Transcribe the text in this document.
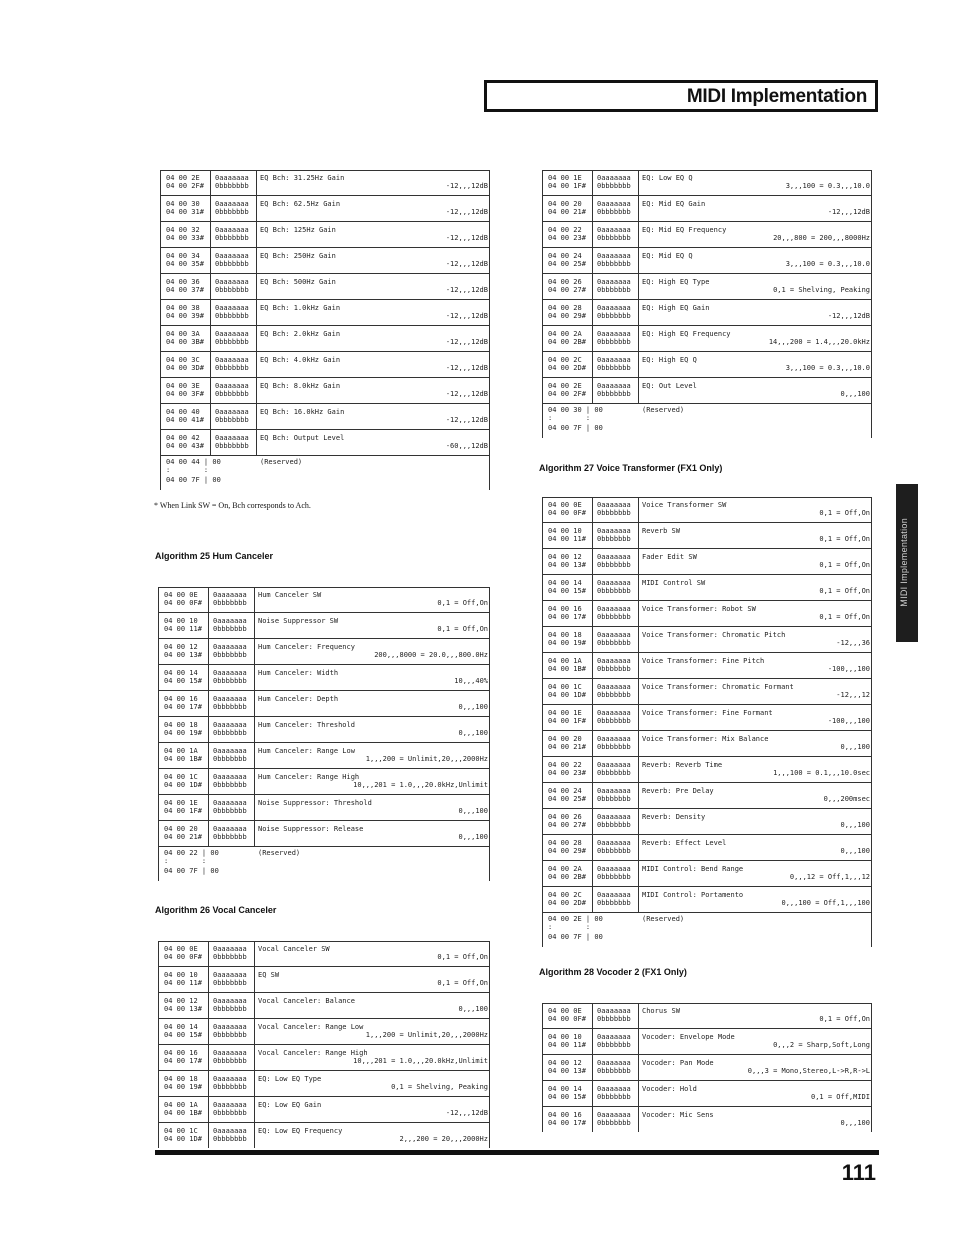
MIDI Implementation
MIDI Implementation
04 00 2E
04 00 2F#
0aaaaaaa
0bbbbbbb
EQ Bch: 31.25Hz Gain
-12,,,12dB
04 00 30
04 00 31#
0aaaaaaa
0bbbbbbb
EQ Bch: 62.5Hz Gain
-12,,,12dB
04 00 32
04 00 33#
0aaaaaaa
0bbbbbbb
EQ Bch: 125Hz Gain
-12,,,12dB
04 00 34
04 00 35#
0aaaaaaa
0bbbbbbb
EQ Bch: 250Hz Gain
-12,,,12dB
04 00 36
04 00 37#
0aaaaaaa
0bbbbbbb
EQ Bch: 500Hz Gain
-12,,,12dB
04 00 38
04 00 39#
0aaaaaaa
0bbbbbbb
EQ Bch: 1.0kHz Gain
-12,,,12dB
04 00 3A
04 00 3B#
0aaaaaaa
0bbbbbbb
EQ Bch: 2.0kHz Gain
-12,,,12dB
04 00 3C
04 00 3D#
0aaaaaaa
0bbbbbbb
EQ Bch: 4.0kHz Gain
-12,,,12dB
04 00 3E
04 00 3F#
0aaaaaaa
0bbbbbbb
EQ Bch: 8.0kHz Gain
-12,,,12dB
04 00 40
04 00 41#
0aaaaaaa
0bbbbbbb
EQ Bch: 16.0kHz Gain
-12,,,12dB
04 00 42
04 00 43#
0aaaaaaa
0bbbbbbb
EQ Bch: Output Level
-60,,,12dB
04 00 44 | 00
:        :
04 00 7F | 00
(Reserved)
* When Link SW = On, Bch corresponds to Ach.
Algorithm 25 Hum Canceler
04 00 0E
04 00 0F#
0aaaaaaa
0bbbbbbb
Hum Canceler SW
0,1 = Off,On
04 00 10
04 00 11#
0aaaaaaa
0bbbbbbb
Noise Suppressor SW
0,1 = Off,On
04 00 12
04 00 13#
0aaaaaaa
0bbbbbbb
Hum Canceler: Frequency
200,,,8000 = 20.0,,,800.0Hz
04 00 14
04 00 15#
0aaaaaaa
0bbbbbbb
Hum Canceler: Width
10,,,40%
04 00 16
04 00 17#
0aaaaaaa
0bbbbbbb
Hum Canceler: Depth
0,,,100
04 00 18
04 00 19#
0aaaaaaa
0bbbbbbb
Hum Canceler: Threshold
0,,,100
04 00 1A
04 00 1B#
0aaaaaaa
0bbbbbbb
Hum Canceler: Range Low
1,,,200 = Unlimit,20,,,2000Hz
04 00 1C
04 00 1D#
0aaaaaaa
0bbbbbbb
Hum Canceler: Range High
10,,,201 = 1.0,,,20.0kHz,Unlimit
04 00 1E
04 00 1F#
0aaaaaaa
0bbbbbbb
Noise Suppressor: Threshold
0,,,100
04 00 20
04 00 21#
0aaaaaaa
0bbbbbbb
Noise Suppressor: Release
0,,,100
04 00 22 | 00
:        :
04 00 7F | 00
(Reserved)
Algorithm 26 Vocal Canceler
04 00 0E
04 00 0F#
0aaaaaaa
0bbbbbbb
Vocal Canceler SW
0,1 = Off,On
04 00 10
04 00 11#
0aaaaaaa
0bbbbbbb
EQ SW
0,1 = Off,On
04 00 12
04 00 13#
0aaaaaaa
0bbbbbbb
Vocal Canceler: Balance
0,,,100
04 00 14
04 00 15#
0aaaaaaa
0bbbbbbb
Vocal Canceler: Range Low
1,,,200 = Unlimit,20,,,2000Hz
04 00 16
04 00 17#
0aaaaaaa
0bbbbbbb
Vocal Canceler: Range High
10,,,201 = 1.0,,,20.0kHz,Unlimit
04 00 18
04 00 19#
0aaaaaaa
0bbbbbbb
EQ: Low EQ Type
0,1 = Shelving, Peaking
04 00 1A
04 00 1B#
0aaaaaaa
0bbbbbbb
EQ: Low EQ Gain
-12,,,12dB
04 00 1C
04 00 1D#
0aaaaaaa
0bbbbbbb
EQ: Low EQ Frequency
2,,,200 = 20,,,2000Hz
04 00 1E
04 00 1F#
0aaaaaaa
0bbbbbbb
EQ: Low EQ Q
3,,,100 = 0.3,,,10.0
04 00 20
04 00 21#
0aaaaaaa
0bbbbbbb
EQ: Mid EQ Gain
-12,,,12dB
04 00 22
04 00 23#
0aaaaaaa
0bbbbbbb
EQ: Mid EQ Frequency
20,,,800 = 200,,,8000Hz
04 00 24
04 00 25#
0aaaaaaa
0bbbbbbb
EQ: Mid EQ Q
3,,,100 = 0.3,,,10.0
04 00 26
04 00 27#
0aaaaaaa
0bbbbbbb
EQ: High EQ Type
0,1 = Shelving, Peaking
04 00 28
04 00 29#
0aaaaaaa
0bbbbbbb
EQ: High EQ Gain
-12,,,12dB
04 00 2A
04 00 2B#
0aaaaaaa
0bbbbbbb
EQ: High EQ Frequency
14,,,200 = 1.4,,,20.0kHz
04 00 2C
04 00 2D#
0aaaaaaa
0bbbbbbb
EQ: High EQ Q
3,,,100 = 0.3,,,10.0
04 00 2E
04 00 2F#
0aaaaaaa
0bbbbbbb
EQ: Out Level
0,,,100
04 00 30 | 00
:        :
04 00 7F | 00
(Reserved)
Algorithm 27 Voice Transformer (FX1 Only)
04 00 0E
04 00 0F#
0aaaaaaa
0bbbbbbb
Voice Transformer SW
0,1 = Off,On
04 00 10
04 00 11#
0aaaaaaa
0bbbbbbb
Reverb SW
0,1 = Off,On
04 00 12
04 00 13#
0aaaaaaa
0bbbbbbb
Fader Edit SW
0,1 = Off,On
04 00 14
04 00 15#
0aaaaaaa
0bbbbbbb
MIDI Control SW
0,1 = Off,On
04 00 16
04 00 17#
0aaaaaaa
0bbbbbbb
Voice Transformer: Robot SW
0,1 = Off,On
04 00 18
04 00 19#
0aaaaaaa
0bbbbbbb
Voice Transformer: Chromatic Pitch
-12,,,36
04 00 1A
04 00 1B#
0aaaaaaa
0bbbbbbb
Voice Transformer: Fine Pitch
-100,,,100
04 00 1C
04 00 1D#
0aaaaaaa
0bbbbbbb
Voice Transformer: Chromatic Formant
-12,,,12
04 00 1E
04 00 1F#
0aaaaaaa
0bbbbbbb
Voice Transformer: Fine Formant
-100,,,100
04 00 20
04 00 21#
0aaaaaaa
0bbbbbbb
Voice Transformer: Mix Balance
0,,,100
04 00 22
04 00 23#
0aaaaaaa
0bbbbbbb
Reverb: Reverb Time
1,,,100 = 0.1,,,10.0sec
04 00 24
04 00 25#
0aaaaaaa
0bbbbbbb
Reverb: Pre Delay
0,,,200msec
04 00 26
04 00 27#
0aaaaaaa
0bbbbbbb
Reverb: Density
0,,,100
04 00 28
04 00 29#
0aaaaaaa
0bbbbbbb
Reverb: Effect Level
0,,,100
04 00 2A
04 00 2B#
0aaaaaaa
0bbbbbbb
MIDI Control: Bend Range
0,,,12 = Off,1,,,12
04 00 2C
04 00 2D#
0aaaaaaa
0bbbbbbb
MIDI Control: Portamento
0,,,100 = Off,1,,,100
04 00 2E | 00
:        :
04 00 7F | 00
(Reserved)
Algorithm 28 Vocoder 2 (FX1 Only)
04 00 0E
04 00 0F#
0aaaaaaa
0bbbbbbb
Chorus SW
0,1 = Off,On
04 00 10
04 00 11#
0aaaaaaa
0bbbbbbb
Vocoder: Envelope Mode
0,,,2 = Sharp,Soft,Long
04 00 12
04 00 13#
0aaaaaaa
0bbbbbbb
Vocoder: Pan Mode
0,,,3 = Mono,Stereo,L->R,R->L
04 00 14
04 00 15#
0aaaaaaa
0bbbbbbb
Vocoder: Hold
0,1 = Off,MIDI
04 00 16
04 00 17#
0aaaaaaa
0bbbbbbb
Vocoder: Mic Sens
0,,,100
111
